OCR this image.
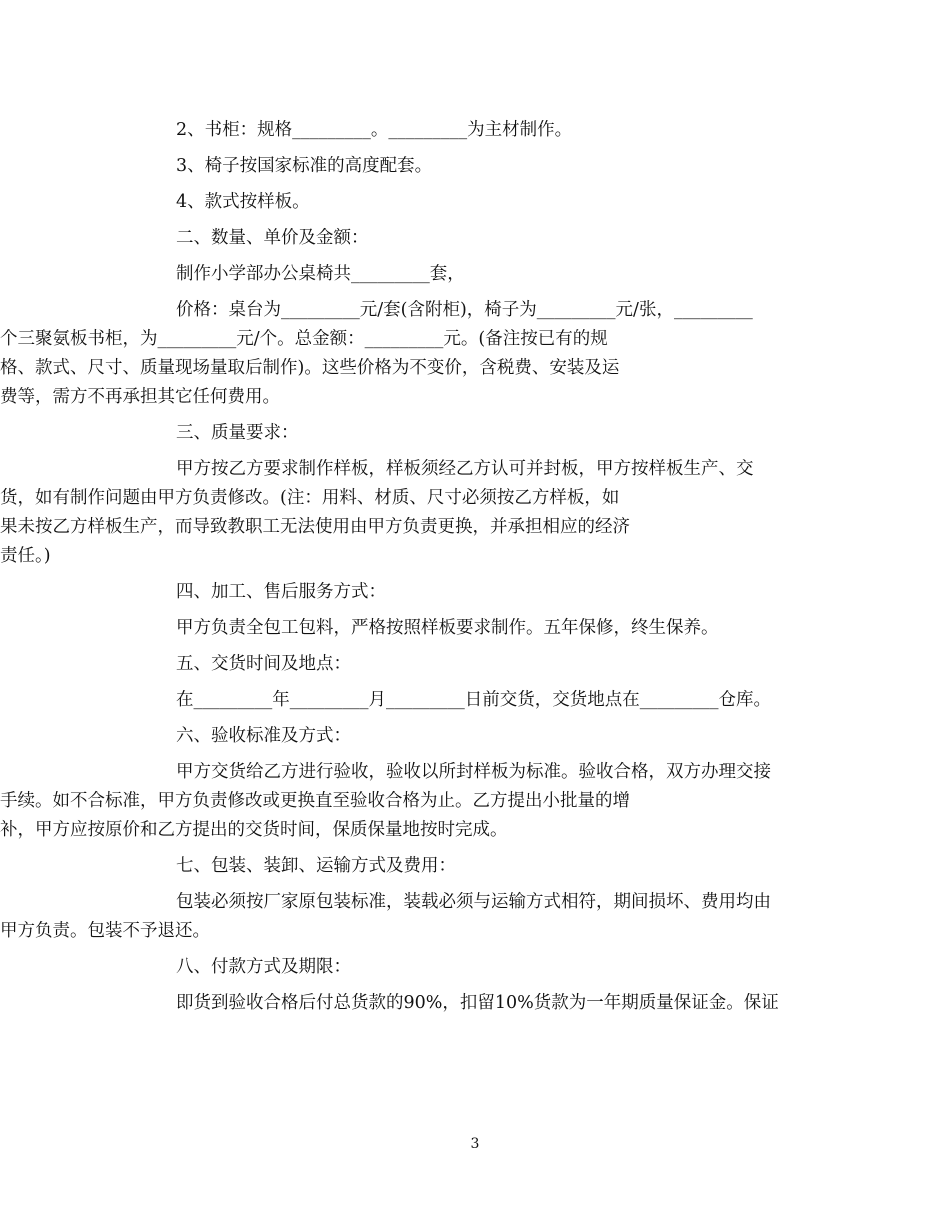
2、书柜：规格_________。_________为主材制作。
3、椅子按国家标准的高度配套。
4、款式按样板。
二、数量、单价及金额：
制作小学部办公桌椅共_________套，
价格：桌台为_________元/套(含附柜)，椅子为_________元/张，_________
个三聚氨板书柜，为_________元/个。总金额：_________元。(备注按已有的规
格、款式、尺寸、质量现场量取后制作)。这些价格为不变价，含税费、安装及运
费等，需方不再承担其它任何费用。
三、质量要求：
甲方按乙方要求制作样板，样板须经乙方认可并封板，甲方按样板生产、交
货，如有制作问题由甲方负责修改。(注：用料、材质、尺寸必须按乙方样板，如
果未按乙方样板生产，而导致教职工无法使用由甲方负责更换，并承担相应的经济
责任。)
四、加工、售后服务方式：
甲方负责全包工包料，严格按照样板要求制作。五年保修，终生保养。
五、交货时间及地点：
在_________年_________月_________日前交货，交货地点在_________仓库。
六、验收标准及方式：
甲方交货给乙方进行验收，验收以所封样板为标准。验收合格，双方办理交接
手续。如不合标准，甲方负责修改或更换直至验收合格为止。乙方提出小批量的增
补，甲方应按原价和乙方提出的交货时间，保质保量地按时完成。
七、包装、装卸、运输方式及费用：
包装必须按厂家原包装标准，装载必须与运输方式相符，期间损坏、费用均由
甲方负责。包装不予退还。
八、付款方式及期限：
即货到验收合格后付总货款的90%，扣留10%货款为一年期质量保证金。保证
3
